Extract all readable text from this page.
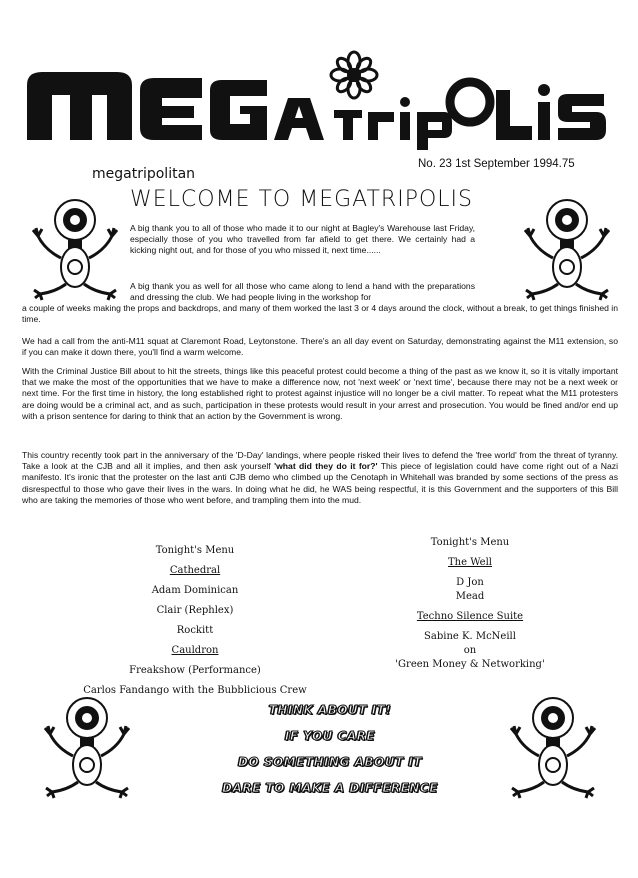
megatripolitan
No. 23 1st September 1994.75
WELCOME TO MEGATRIPOLIS

A big thank you to all of those who made it to our night at Bagley's Warehouse last Friday, especially those of you who travelled from far afield to get there. We certainly had a kicking night out, and for those of you who missed it, next time......

A big thank you as well for all those who came along to lend a hand with the preparations and dressing the club. We had people living in the workshop for

a couple of weeks making the props and backdrops, and many of them worked the last 3 or 4 days around the clock, without a break, to get things finished in time.

We had a call from the anti-M11 squat at Claremont Road, Leytonstone. There's an all day event on Saturday, demonstrating against the M11 extension, so if you can make it down there, you'll find a warm welcome.

With the Criminal Justice Bill about to hit the streets, things like this peaceful protest could become a thing of the past as we know it, so it is vitally important that we make the most of the opportunities that we have to make a difference now, not 'next week' or 'next time', because there may not be a next week or next time. For the first time in history, the long established right to protest against injustice will no longer be a civil matter. To repeat what the M11 protesters are doing would be a criminal act, and as such, participation in these protests would result in your arrest and prosecution. You would be fined and/or end up with a prison sentence for daring to think that an action by the Government is wrong.

This country recently took part in the anniversary of the 'D-Day' landings, where people risked their lives to defend the 'free world' from the threat of tyranny. Take a look at the CJB and all it implies, and then ask yourself 'what did they do it for?' This piece of legislation could have come right out of a Nazi manifesto. It's ironic that the protester on the last anti CJB demo who climbed up the Cenotaph in Whitehall was branded by some sections of the press as disrespectful to those who gave their lives in the wars. In doing what he did, he WAS being respectful, it is this Government and the supporters of this Bill who are taking the memories of those who went before, and trampling them into the mud.

Tonight's Menu
Cathedral
Adam Dominican
Clair (Rephlex)
Rockitt
Cauldron
Freakshow (Performance)
Carlos Fandango with the Bubblicious Crew
Tonight's Menu
The Well
D Jon
Mead
Techno Silence Suite
Sabine K. McNeill
on
'Green Money & Networking'
THINK ABOUT IT!
IF YOU CARE
DO SOMETHING ABOUT IT
DARE TO MAKE A DIFFERENCE
